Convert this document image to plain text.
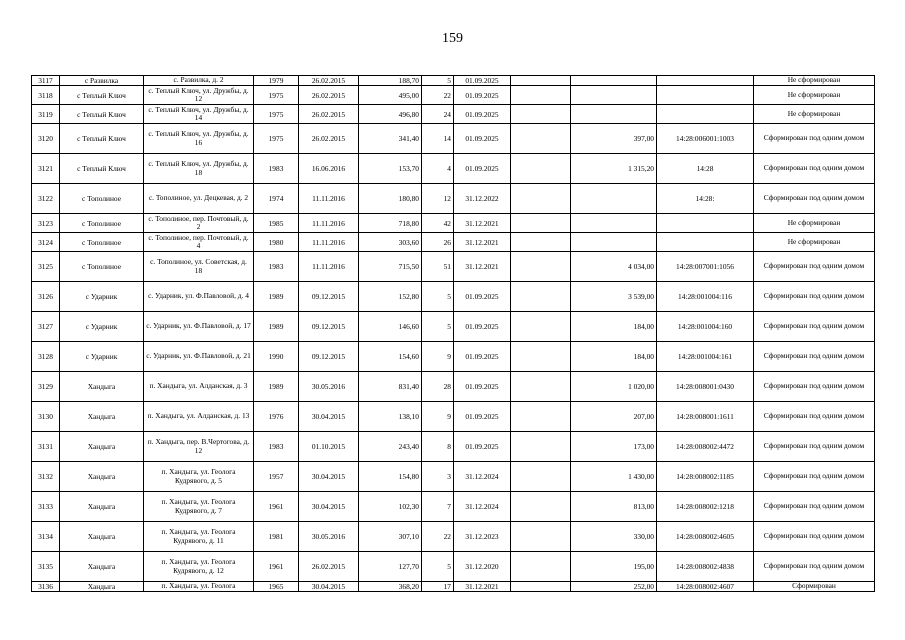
159
3117	с Развилка	с. Развилка, д. 2	1979	26.02.2015	188,70	5	01.09.2025				Не сформирован
3118	с Теплый Ключ	с. Теплый Ключ, ул. Дружбы, д. 12	1975	26.02.2015	495,00	22	01.09.2025				Не сформирован
3119	с Теплый Ключ	с. Теплый Ключ, ул. Дружбы, д. 14	1975	26.02.2015	496,80	24	01.09.2025				Не сформирован
3120	с Теплый Ключ	с. Теплый Ключ, ул. Дружбы, д. 16	1975	26.02.2015	341,40	14	01.09.2025		397,00	14:28:006001:1003	Сформирован под одним домом
3121	с Теплый Ключ	с. Теплый Ключ, ул. Дружбы, д. 18	1983	16.06.2016	153,70	4	01.09.2025		1 315,20	14:28	Сформирован под одним домом
3122	с Тополиное	с. Тополиное, ул. Децкевая, д. 2	1974	11.11.2016	180,80	12	31.12.2022			14:28:	Сформирован под одним домом
3123	с Тополиное	с. Тополиное, пер. Почтовый, д. 2	1985	11.11.2016	718,80	42	31.12.2021				Не сформирован
3124	с Тополиное	с. Тополиное, пер. Почтовый, д. 4	1980	11.11.2016	303,60	26	31.12.2021				Не сформирован
3125	с Тополиное	с. Тополиное, ул. Советская, д. 18	1983	11.11.2016	715,50	51	31.12.2021		4 034,00	14:28:007001:1056	Сформирован под одним домом
3126	с Ударник	с. Ударник, ул. Ф.Павловой, д. 4	1989	09.12.2015	152,80	5	01.09.2025		3 539,00	14:28:001004:116	Сформирован под одним домом
3127	с Ударник	с. Ударник, ул. Ф.Павловой, д. 17	1989	09.12.2015	146,60	5	01.09.2025		184,00	14:28:001004:160	Сформирован под одним домом
3128	с Ударник	с. Ударник, ул. Ф.Павловой, д. 21	1990	09.12.2015	154,60	9	01.09.2025		184,00	14:28:001004:161	Сформирован под одним домом
3129	Хандыга	п. Хандыга, ул. Алданская, д. 3	1989	30.05.2016	831,40	28	01.09.2025		1 020,00	14:28:008001:0430	Сформирован под одним домом
3130	Хандыга	п. Хандыга, ул. Алданская, д. 13	1976	30.04.2015	138,10	9	01.09.2025		207,00	14:28:008001:1611	Сформирован под одним домом
3131	Хандыга	п. Хандыга, пер. В.Чертогова, д. 12	1983	01.10.2015	243,40	8	01.09.2025		173,00	14:28:008002:4472	Сформирован под одним домом
3132	Хандыга	п. Хандыга, ул. Геолога Кудрявого, д. 5	1957	30.04.2015	154,80	3	31.12.2024		1 430,00	14:28:008002:1185	Сформирован под одним домом
3133	Хандыга	п. Хандыга, ул. Геолога Кудрявого, д. 7	1961	30.04.2015	102,30	7	31.12.2024		813,00	14:28:008002:1218	Сформирован под одним домом
3134	Хандыга	п. Хандыга, ул. Геолога Кудрявого, д. 11	1981	30.05.2016	307,10	22	31.12.2023		330,00	14:28:008002:4605	Сформирован под одним домом
3135	Хандыга	п. Хандыга, ул. Геолога Кудрявого, д. 12	1961	26.02.2015	127,70	5	31.12.2020		195,00	14:28:008002:4838	Сформирован под одним домом
3136	Хандыга	п. Хандыга, ул. Геолога	1965	30.04.2015	368,20	17	31.12.2021		252,00	14:28:008002:4607	Сформирован
